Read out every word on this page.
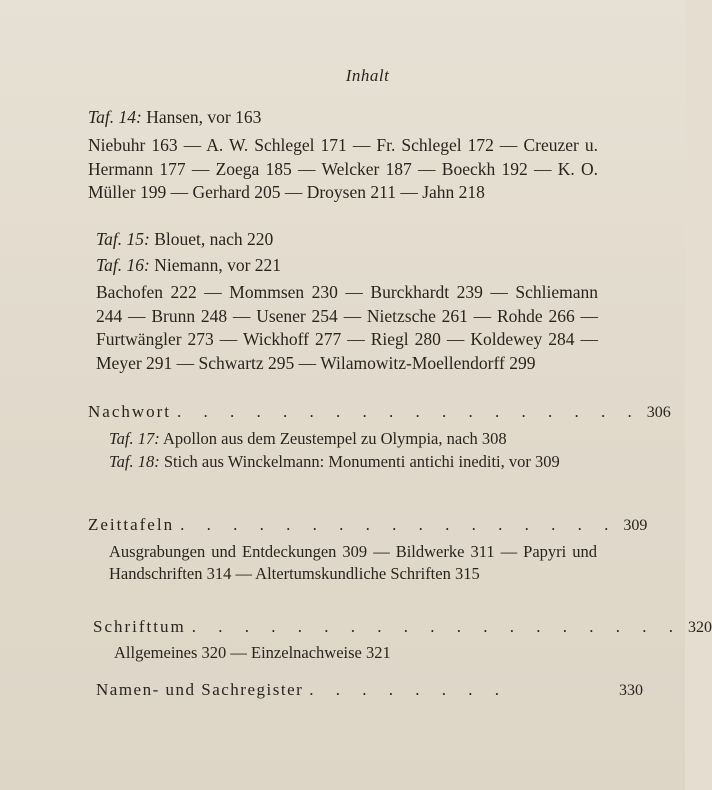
Inhalt
Taf. 14: Hansen, vor 163
Niebuhr 163 — A. W. Schlegel 171 — Fr. Schlegel 172 — Creuzer u. Hermann 177 — Zoega 185 — Welcker 187 — Boeckh 192 — K. O. Müller 199 — Gerhard 205 — Droysen 211 — Jahn 218
Taf. 15: Blouet, nach 220
Taf. 16: Niemann, vor 221
Bachofen 222 — Mommsen 230 — Burckhardt 239 — Schliemann 244 — Brunn 248 — Usener 254 — Nietzsche 261 — Rohde 266 — Furtwängler 273 — Wickhoff 277 — Riegl 280 — Koldewey 284 — Meyer 291 — Schwartz 295 — Wilamowitz-Moellendorff 299
Nachwort . . . . . . . . . . . . . . . . . . 306
Taf. 17: Apollon aus dem Zeustempel zu Olympia, nach 308
Taf. 18: Stich aus Winckelmann: Monumenti antichi inediti, vor 309
Zeittafeln . . . . . . . . . . . . . . . . . 309
Ausgrabungen und Entdeckungen 309 — Bildwerke 311 — Papyri und Handschriften 314 — Altertumskundliche Schriften 315
Schrifttum . . . . . . . . . . . . . . . . . . . 320
Allgemeines 320 — Einzelnachweise 321
Namen- und Sachregister . . . . . . . .	330
